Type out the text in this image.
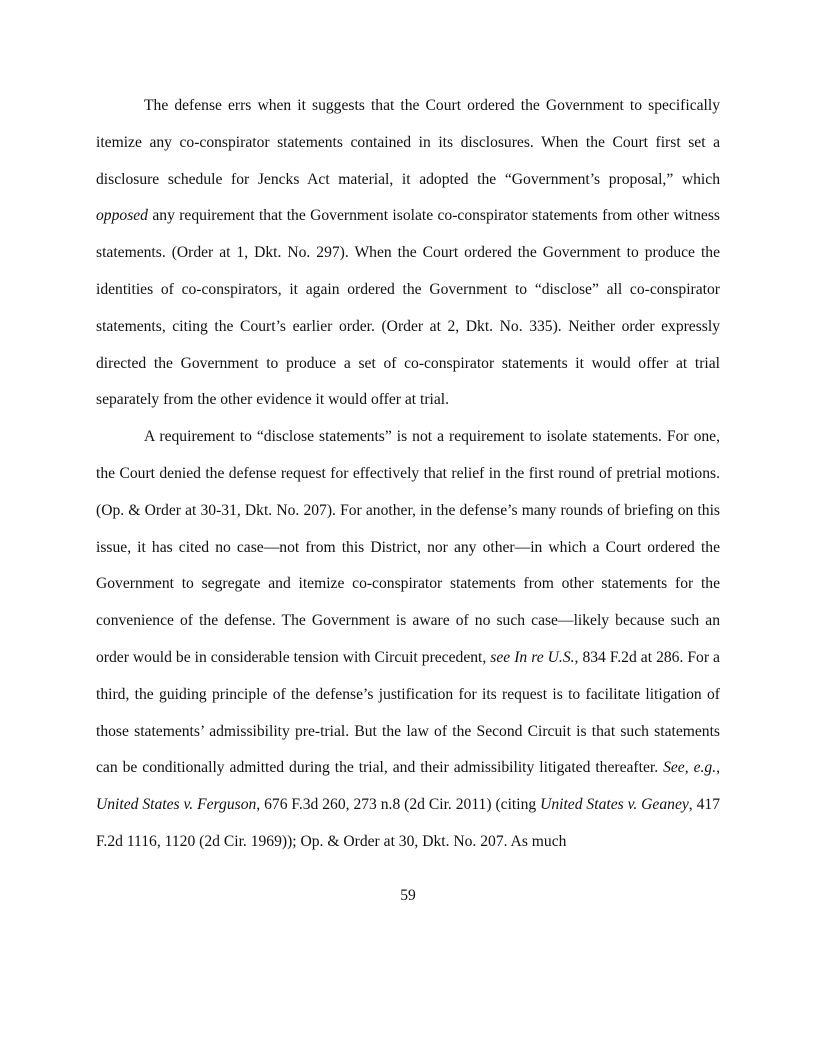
The defense errs when it suggests that the Court ordered the Government to specifically itemize any co-conspirator statements contained in its disclosures. When the Court first set a disclosure schedule for Jencks Act material, it adopted the “Government’s proposal,” which opposed any requirement that the Government isolate co-conspirator statements from other witness statements. (Order at 1, Dkt. No. 297). When the Court ordered the Government to produce the identities of co-conspirators, it again ordered the Government to “disclose” all co-conspirator statements, citing the Court’s earlier order. (Order at 2, Dkt. No. 335). Neither order expressly directed the Government to produce a set of co-conspirator statements it would offer at trial separately from the other evidence it would offer at trial.

A requirement to “disclose statements” is not a requirement to isolate statements. For one, the Court denied the defense request for effectively that relief in the first round of pretrial motions. (Op. & Order at 30-31, Dkt. No. 207). For another, in the defense’s many rounds of briefing on this issue, it has cited no case—not from this District, nor any other—in which a Court ordered the Government to segregate and itemize co-conspirator statements from other statements for the convenience of the defense. The Government is aware of no such case—likely because such an order would be in considerable tension with Circuit precedent, see In re U.S., 834 F.2d at 286. For a third, the guiding principle of the defense’s justification for its request is to facilitate litigation of those statements’ admissibility pre-trial. But the law of the Second Circuit is that such statements can be conditionally admitted during the trial, and their admissibility litigated thereafter. See, e.g., United States v. Ferguson, 676 F.3d 260, 273 n.8 (2d Cir. 2011) (citing United States v. Geaney, 417 F.2d 1116, 1120 (2d Cir. 1969)); Op. & Order at 30, Dkt. No. 207. As much

59
